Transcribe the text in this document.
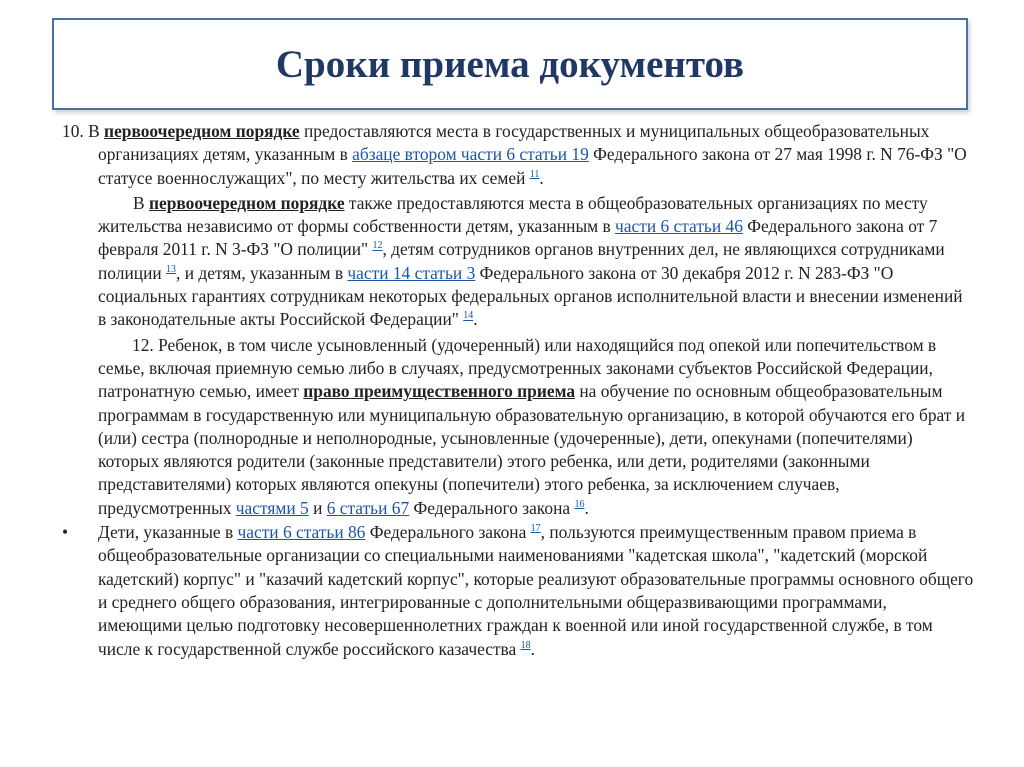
Сроки приема документов

10. В первоочередном порядке предоставляются места в государственных и муниципальных общеобразовательных организациях детям, указанным в абзаце втором части 6 статьи 19 Федерального закона от 27 мая 1998 г. N 76-ФЗ "О статусе военнослужащих", по месту жительства их семей $^{11}$.

В первоочередном порядке также предоставляются места в общеобразовательных организациях по месту жительства независимо от формы собственности детям, указанным в части 6 статьи 46 Федерального закона от 7 февраля 2011 г. N 3-ФЗ "О полиции" $^{12}$, детям сотрудников органов внутренних дел, не являющихся сотрудниками полиции $^{13}$, и детям, указанным в части 14 статьи 3 Федерального закона от 30 декабря 2012 г. N 283-ФЗ "О социальных гарантиях сотрудникам некоторых федеральных органов исполнительной власти и внесении изменений в законодательные акты Российской Федерации" $^{14}$.

12. Ребенок, в том числе усыновленный (удочеренный) или находящийся под опекой или попечительством в семье, включая приемную семью либо в случаях, предусмотренных законами субъектов Российской Федерации, патронатную семью, имеет право преимущественного приема на обучение по основным общеобразовательным программам в государственную или муниципальную образовательную организацию, в которой обучаются его брат и (или) сестра (полнородные и неполнородные, усыновленные (удочеренные), дети, опекунами (попечителями) которых являются родители (законные представители) этого ребенка, или дети, родителями (законными представителями) которых являются опекуны (попечители) этого ребенка, за исключением случаев, предусмотренных частями 5 и 6 статьи 67 Федерального закона $^{16}$.

• Дети, указанные в части 6 статьи 86 Федерального закона $^{17}$, пользуются преимущественным правом приема в общеобразовательные организации со специальными наименованиями "кадетская школа", "кадетский (морской кадетский) корпус" и "казачий кадетский корпус", которые реализуют образовательные программы основного общего и среднего общего образования, интегрированные с дополнительными общеразвивающими программами, имеющими целью подготовку несовершеннолетних граждан к военной или иной государственной службе, в том числе к государственной службе российского казачества $^{18}$.
